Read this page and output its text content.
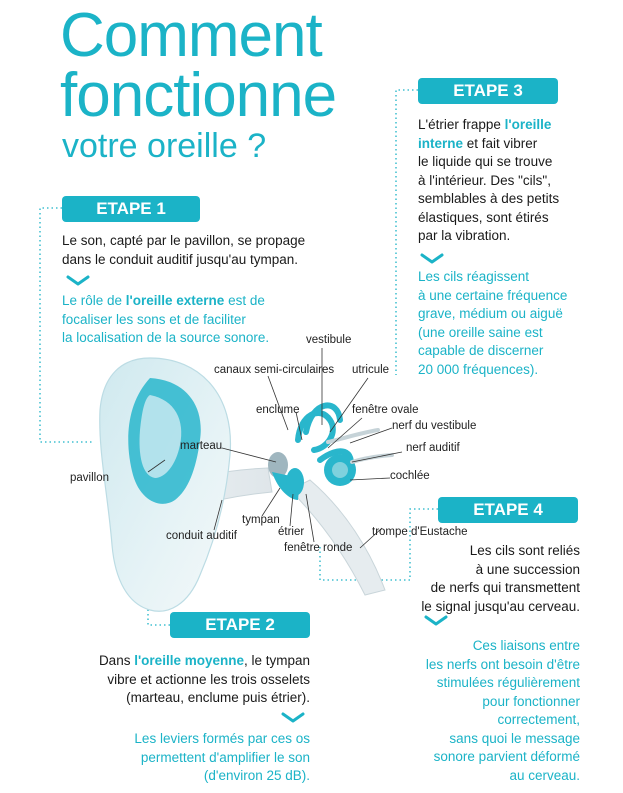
Comment
fonctionne
votre oreille ?
ETAPE 1
Le son, capté par le pavillon, se propage
dans le conduit auditif jusqu'au tympan.
Le rôle de l'oreille externe est de
focaliser les sons et de faciliter
la localisation de la source sonore.
ETAPE 3
L'étrier frappe l'oreille
interne et fait vibrer
le liquide qui se trouve
à l'intérieur. Des "cils",
semblables à des petits
élastiques, sont étirés
par la vibration.
Les cils réagissent
à une certaine fréquence
grave, médium ou aiguë
(une oreille saine est
capable de discerner
20 000 fréquences).
vestibule
canaux semi-circulaires utricule
enclume	fenêtre ovale
nerf du vestibule
marteau	nerf auditif
pavillon	cochlée
tympan
étrier	trompe d'Eustache
conduit auditif
fenêtre ronde
ETAPE 4
Les cils sont reliés
à une succession
de nerfs qui transmettent
le signal jusqu'au cerveau.
Ces liaisons entre
les nerfs ont besoin d'être
stimulées régulièrement
pour fonctionner
correctement,
sans quoi le message
sonore parvient déformé
au cerveau.
ETAPE 2
Dans l'oreille moyenne, le tympan
vibre et actionne les trois osselets
(marteau, enclume puis étrier).
Les leviers formés par ces os
permettent d'amplifier le son
(d'environ 25 dB).
